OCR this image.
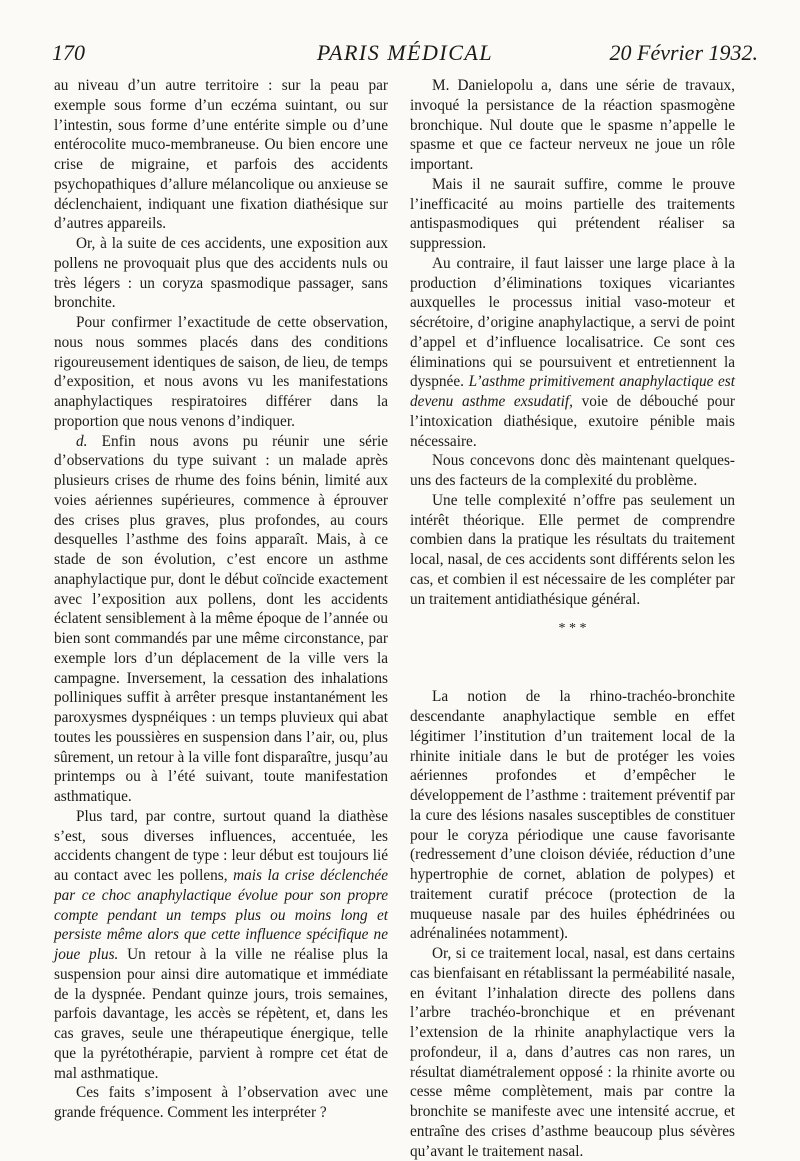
170	PARIS MÉDICAL	20 Février 1932.

au niveau d’un autre territoire : sur la peau par exemple sous forme d’un eczéma suintant, ou sur l’intestin, sous forme d’une entérite simple ou d’une entérocolite muco-membraneuse. Ou bien encore une crise de migraine, et parfois des accidents psychopathiques d’allure mélancolique ou anxieuse se déclenchaient, indiquant une fixation diathésique sur d’autres appareils.

Or, à la suite de ces accidents, une exposition aux pollens ne provoquait plus que des accidents nuls ou très légers : un coryza spasmodique passager, sans bronchite.

Pour confirmer l’exactitude de cette observation, nous nous sommes placés dans des conditions rigoureusement identiques de saison, de lieu, de temps d’exposition, et nous avons vu les manifestations anaphylactiques respiratoires différer dans la proportion que nous venons d’indiquer.

d. Enfin nous avons pu réunir une série d’observations du type suivant : un malade après plusieurs crises de rhume des foins bénin, limité aux voies aériennes supérieures, commence à éprouver des crises plus graves, plus profondes, au cours desquelles l’asthme des foins apparaît. Mais, à ce stade de son évolution, c’est encore un asthme anaphylactique pur, dont le début coïncide exactement avec l’exposition aux pollens, dont les accidents éclatent sensiblement à la même époque de l’année ou bien sont commandés par une même circonstance, par exemple lors d’un déplacement de la ville vers la campagne. Inversement, la cessation des inhalations polliniques suffit à arrêter presque instantanément les paroxysmes dyspnéiques : un temps pluvieux qui abat toutes les poussières en suspension dans l’air, ou, plus sûrement, un retour à la ville font disparaître, jusqu’au printemps ou à l’été suivant, toute manifestation asthmatique.

Plus tard, par contre, surtout quand la diathèse s’est, sous diverses influences, accentuée, les accidents changent de type : leur début est toujours lié au contact avec les pollens, mais la crise déclenchée par ce choc anaphylactique évolue pour son propre compte pendant un temps plus ou moins long et persiste même alors que cette influence spécifique ne joue plus. Un retour à la ville ne réalise plus la suspension pour ainsi dire automatique et immédiate de la dyspnée. Pendant quinze jours, trois semaines, parfois davantage, les accès se répètent, et, dans les cas graves, seule une thérapeutique énergique, telle que la pyrétothérapie, parvient à rompre cet état de mal asthmatique.

Ces faits s’imposent à l’observation avec une grande fréquence. Comment les interpréter ?

M. Danielopolu a, dans une série de travaux, invoqué la persistance de la réaction spasmogène bronchique. Nul doute que le spasme n’appelle le spasme et que ce facteur nerveux ne joue un rôle important.

Mais il ne saurait suffire, comme le prouve l’inefficacité au moins partielle des traitements antispasmodiques qui prétendent réaliser sa suppression.

Au contraire, il faut laisser une large place à la production d’éliminations toxiques vicariantes auxquelles le processus initial vaso-moteur et sécrétoire, d’origine anaphylactique, a servi de point d’appel et d’influence localisatrice. Ce sont ces éliminations qui se poursuivent et entretiennent la dyspnée. L’asthme primitivement anaphylactique est devenu asthme exsudatif, voie de débouché pour l’intoxication diathésique, exutoire pénible mais nécessaire.

Nous concevons donc dès maintenant quelques-uns des facteurs de la complexité du problème.

Une telle complexité n’offre pas seulement un intérêt théorique. Elle permet de comprendre combien dans la pratique les résultats du traitement local, nasal, de ces accidents sont différents selon les cas, et combien il est nécessaire de les compléter par un traitement antidiathésique général.

* * *

La notion de la rhino-trachéo-bronchite descendante anaphylactique semble en effet légitimer l’institution d’un traitement local de la rhinite initiale dans le but de protéger les voies aériennes profondes et d’empêcher le développement de l’asthme : traitement préventif par la cure des lésions nasales susceptibles de constituer pour le coryza périodique une cause favorisante (redressement d’une cloison déviée, réduction d’une hypertrophie de cornet, ablation de polypes) et traitement curatif précoce (protection de la muqueuse nasale par des huiles éphédrinées ou adrénalinées notamment).

Or, si ce traitement local, nasal, est dans certains cas bienfaisant en rétablissant la perméabilité nasale, en évitant l’inhalation directe des pollens dans l’arbre trachéo-bronchique et en prévenant l’extension de la rhinite anaphylactique vers la profondeur, il a, dans d’autres cas non rares, un résultat diamétralement opposé : la rhinite avorte ou cesse même complètement, mais par contre la bronchite se manifeste avec une intensité accrue, et entraîne des crises d’asthme beaucoup plus sévères qu’avant le traitement nasal.
